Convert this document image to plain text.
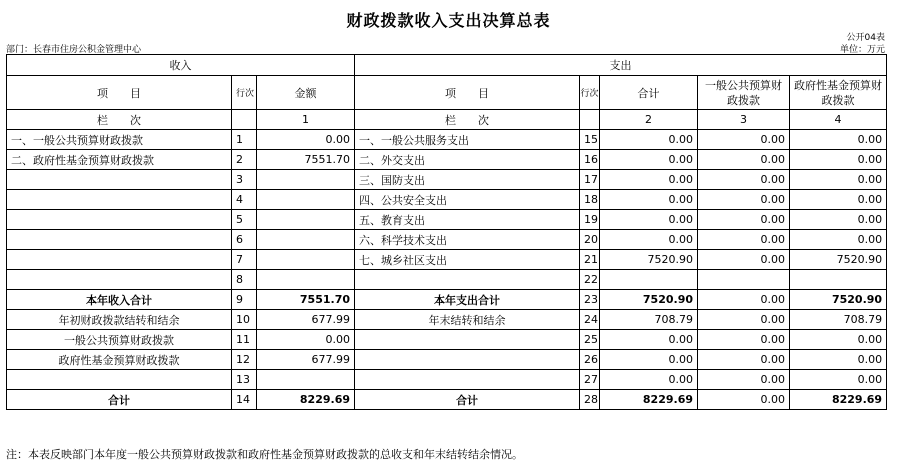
财政拨款收入支出决算总表
公开04表
部门：长春市住房公积金管理中心	单位：万元
收入			支出				
项　　目	行次	金额	项　　目	行次	合计	一般公共预算财政拨款	政府性基金预算财政拨款
栏　　次		1	栏　　次		2	3	4
一、一般公共预算财政拨款	1	0.00	一、一般公共服务支出	15	0.00	0.00	0.00
二、政府性基金预算财政拨款	2	7551.70	二、外交支出	16	0.00	0.00	0.00
	3		三、国防支出	17	0.00	0.00	0.00
	4		四、公共安全支出	18	0.00	0.00	0.00
	5		五、教育支出	19	0.00	0.00	0.00
	6		六、科学技术支出	20	0.00	0.00	0.00
	7		七、城乡社区支出	21	7520.90	0.00	7520.90
	8			22			
本年收入合计	9	7551.70	本年支出合计	23	7520.90	0.00	7520.90
年初财政拨款结转和结余	10	677.99	年末结转和结余	24	708.79	0.00	708.79
一般公共预算财政拨款	11	0.00		25	0.00	0.00	0.00
政府性基金预算财政拨款	12	677.99		26	0.00	0.00	0.00
	13			27	0.00	0.00	0.00
合计	14	8229.69	合计	28	8229.69	0.00	8229.69
注：本表反映部门本年度一般公共预算财政拨款和政府性基金预算财政拨款的总收支和年末结转结余情况。
